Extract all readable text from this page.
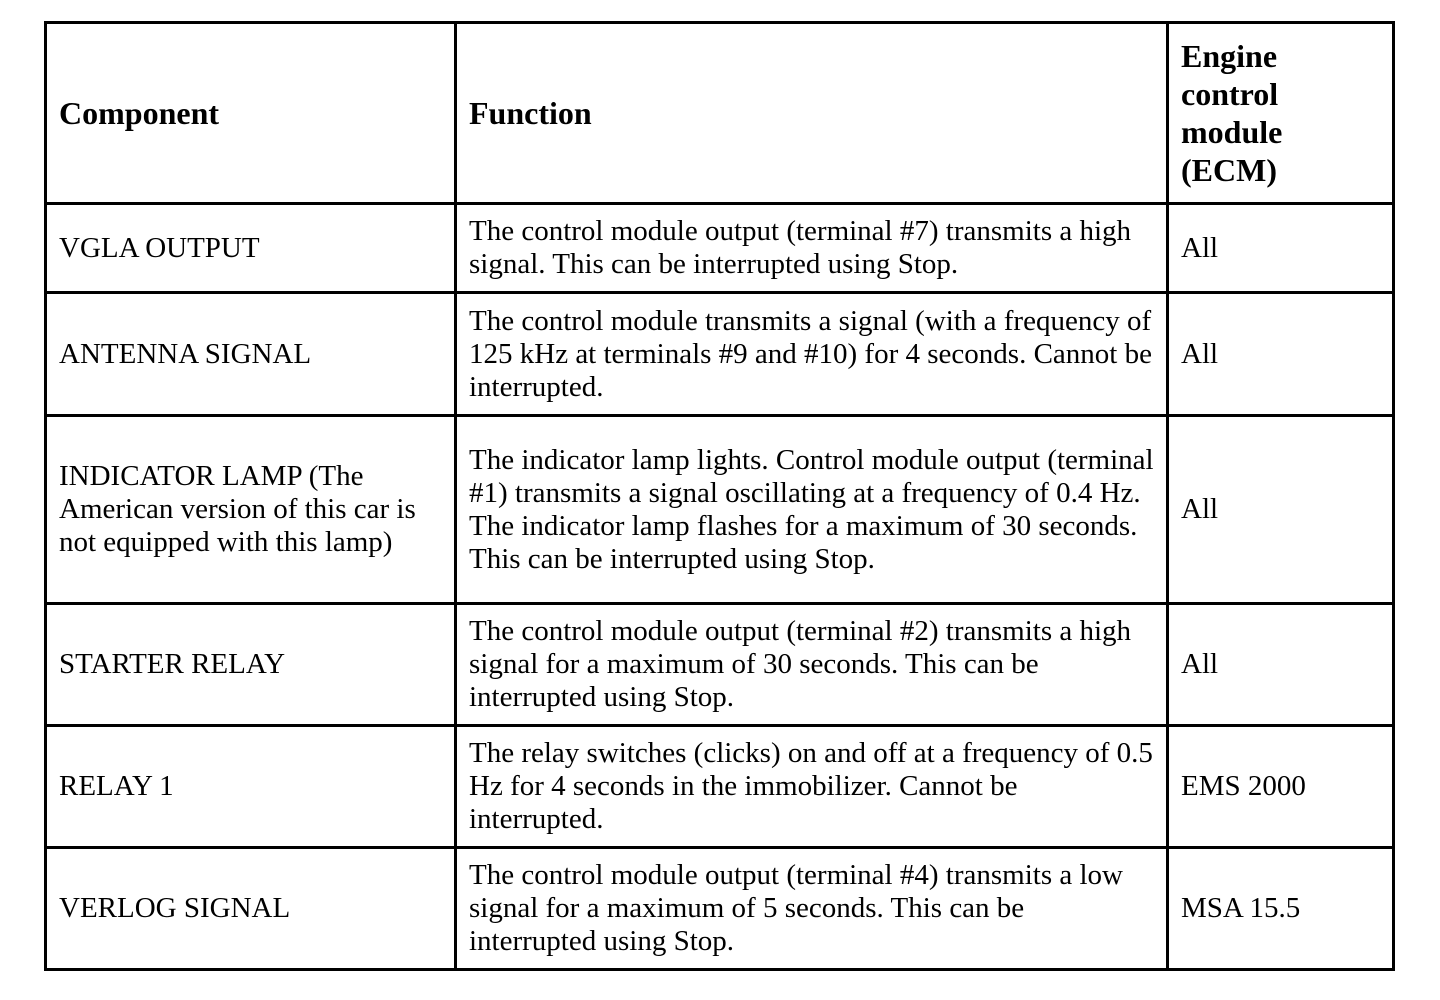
Component	Function	Engine control module (ECM)
VGLA OUTPUT	The control module output (terminal #7) transmits a high signal. This can be interrupted using Stop.	All
ANTENNA SIGNAL	The control module transmits a signal (with a frequency of 125 kHz at terminals #9 and #10) for 4 seconds. Cannot be interrupted.	All
INDICATOR LAMP (The American version of this car is not equipped with this lamp)	The indicator lamp lights. Control module output (terminal #1) transmits a signal oscillating at a frequency of 0.4 Hz. The indicator lamp flashes for a maximum of 30 seconds. This can be interrupted using Stop.	All
STARTER RELAY	The control module output (terminal #2) transmits a high signal for a maximum of 30 seconds. This can be interrupted using Stop.	All
RELAY 1	The relay switches (clicks) on and off at a frequency of 0.5 Hz for 4 seconds in the immobilizer. Cannot be interrupted.	EMS 2000
VERLOG SIGNAL	The control module output (terminal #4) transmits a low signal for a maximum of 5 seconds. This can be interrupted using Stop.	MSA 15.5
